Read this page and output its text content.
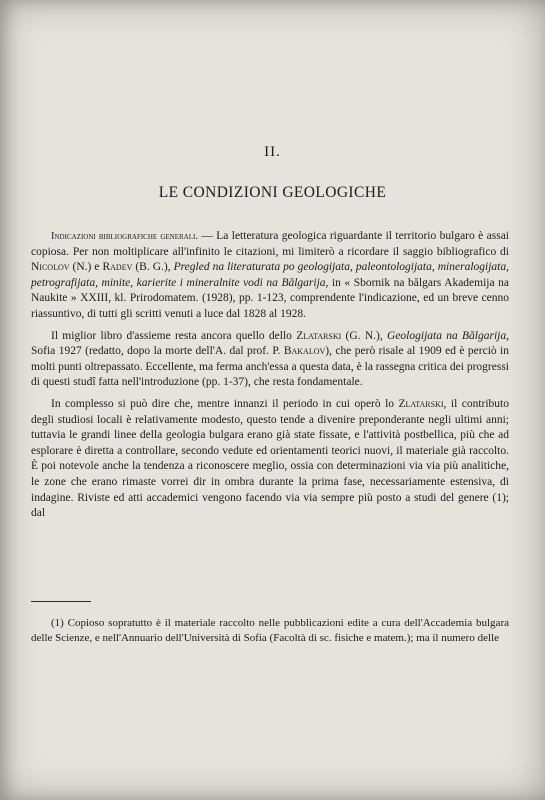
II.
LE CONDIZIONI GEOLOGICHE

Indicazioni bibliografiche generali. — La letteratura geologica riguardante il territorio bulgaro è assai copiosa. Per non moltiplicare all'infinito le citazioni, mi limiterò a ricordare il saggio bibliografico di Nicolov (N.) e Radev (B. G.), Pregled na literaturata po geologijata, paleontologijata, mineralogijata, petrografijata, minite, karierite i mineralnite vodi na Bălgarija, in « Sbornik na bălgars Akademija na Naukite » XXIII, kl. Prirodomatem. (1928), pp. 1-123, comprendente l'indicazione, ed un breve cenno riassuntivo, di tutti gli scritti venuti a luce dal 1828 al 1928.

Il miglior libro d'assieme resta ancora quello dello Zlatarski (G. N.), Geologijata na Bălgarija, Sofia 1927 (redatto, dopo la morte dell'A. dal prof. P. Bakalov), che però risale al 1909 ed è perciò in molti punti oltrepassato. Eccellente, ma ferma anch'essa a questa data, è la rassegna critica dei progressi di questi studî fatta nell'introduzione (pp. 1-37), che resta fondamentale.

In complesso si può dire che, mentre innanzi il periodo in cui operò lo Zlatarski, il contributo degli studiosi locali è relativamente modesto, questo tende a divenire preponderante negli ultimi anni; tuttavia le grandi linee della geologia bulgara erano già state fissate, e l'attività postbellica, più che ad esplorare è diretta a controllare, secondo vedute ed orientamenti teorici nuovi, il materiale già raccolto. È poi notevole anche la tendenza a riconoscere meglio, ossia con determinazioni via via più analitiche, le zone che erano rimaste vorrei dir in ombra durante la prima fase, necessariamente estensiva, di indagine. Riviste ed atti accademici vengono facendo via via sempre più posto a studi del genere (1); dal

(1) Copioso sopratutto è il materiale raccolto nelle pubblicazioni edite a cura dell'Accademia bulgara delle Scienze, e nell'Annuario dell'Università di Sofia (Facoltà di sc. fisiche e matem.); ma il numero delle
